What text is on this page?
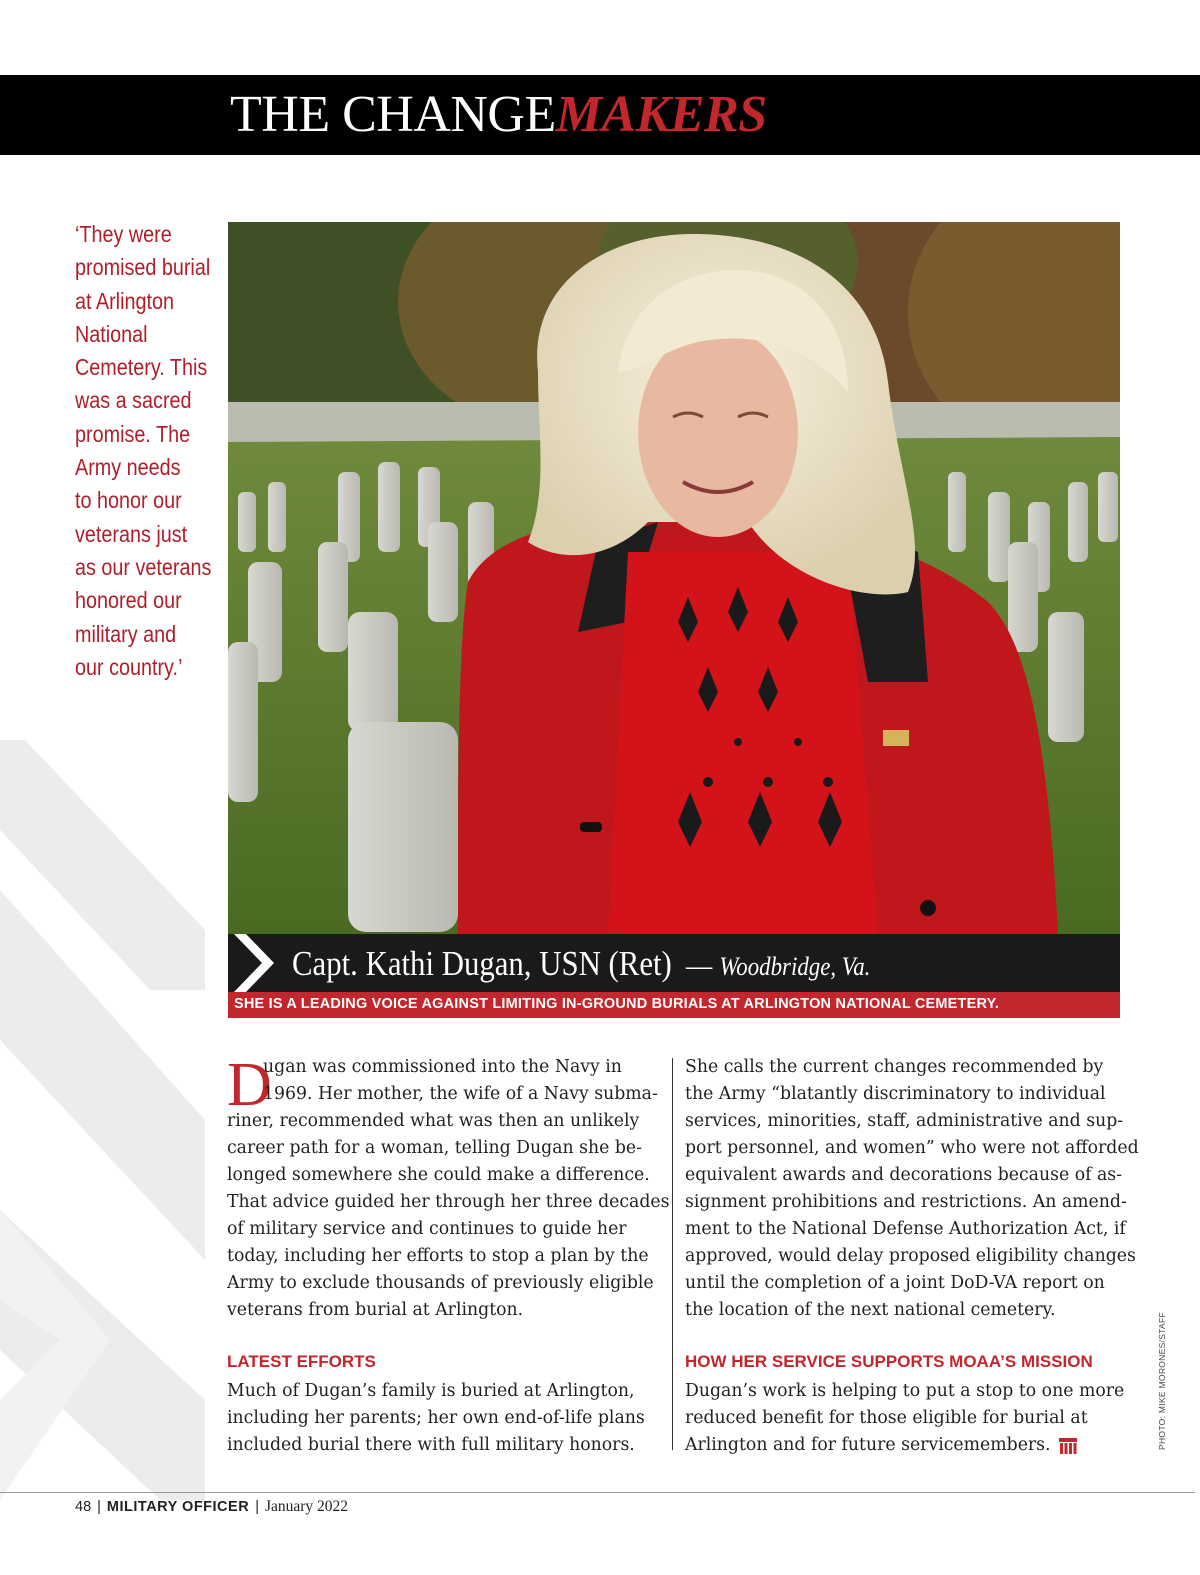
THE CHANGEMAKERS
‘They were
promised burial
at Arlington
National
Cemetery. This
was a sacred
promise. The
Army needs
to honor our
veterans just
as our veterans
honored our
military and
our country.’
Capt. Kathi Dugan, USN (Ret) — Woodbridge, Va.
SHE IS A LEADING VOICE AGAINST LIMITING IN-GROUND BURIALS AT ARLINGTON NATIONAL CEMETERY.
D
ugan was commissioned into the Navy in
1969. Her mother, the wife of a Navy subma-
riner, recommended what was then an unlikely
career path for a woman, telling Dugan she be-
longed somewhere she could make a difference.
That advice guided her through her three decades
of military service and continues to guide her
today, including her efforts to stop a plan by the
Army to exclude thousands of previously eligible
veterans from burial at Arlington.
LATEST EFFORTS
Much of Dugan’s family is buried at Arlington,
including her parents; her own end-of-life plans
included burial there with full military honors.
She calls the current changes recommended by
the Army “blatantly discriminatory to individual
services, minorities, staff, administrative and sup-
port personnel, and women” who were not afforded
equivalent awards and decorations because of as-
signment prohibitions and restrictions. An amend-
ment to the National Defense Authorization Act, if
approved, would delay proposed eligibility changes
until the completion of a joint DoD-VA report on
the location of the next national cemetery.
HOW HER SERVICE SUPPORTS MOAA’S MISSION
Dugan’s work is helping to put a stop to one more
reduced benefit for those eligible for burial at
Arlington and for future servicemembers.	PHOTO: MIKE MORONES/STAFF
48 | MILITARY OFFICER | January 2022
